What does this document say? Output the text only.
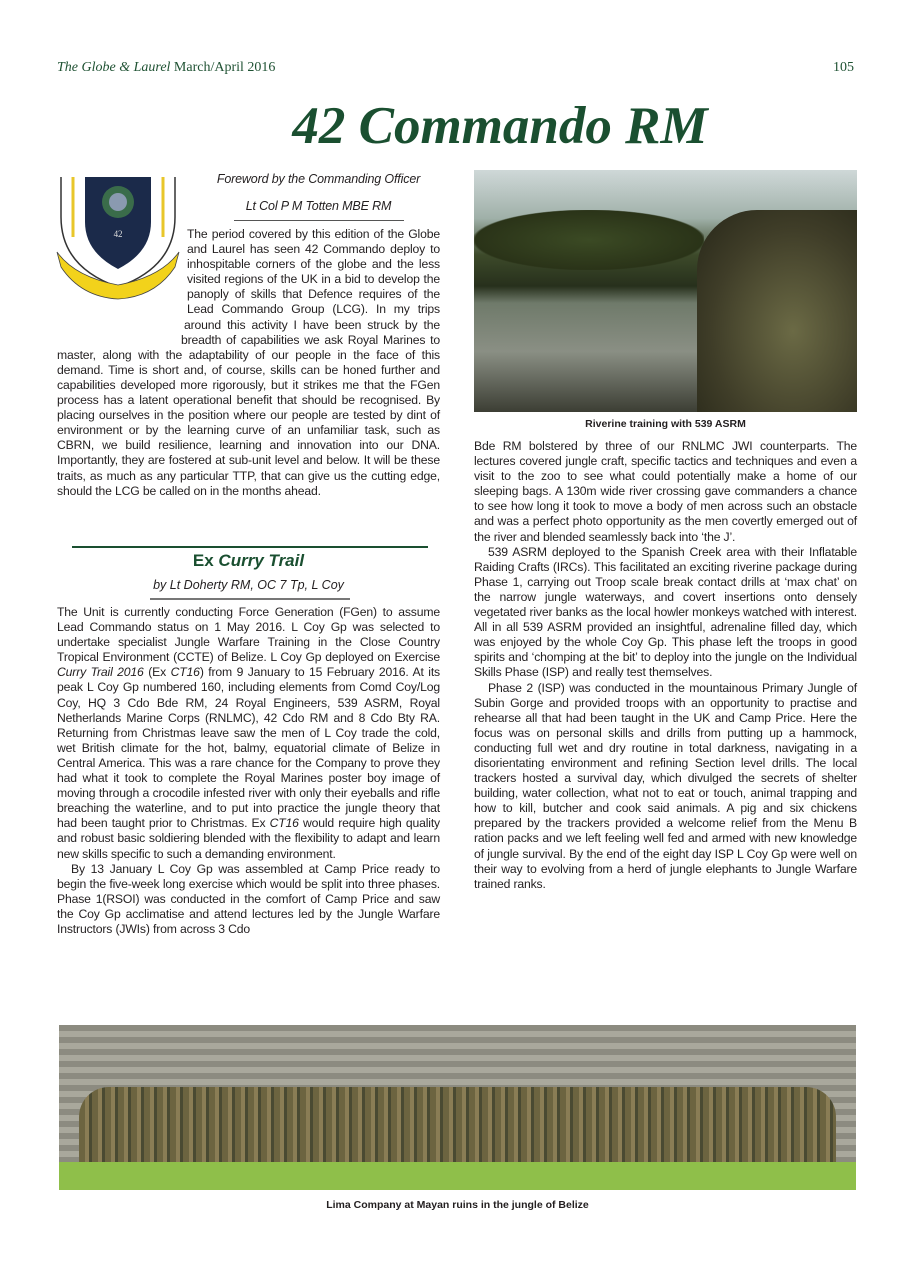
The Globe & Laurel March/April 2016	105
42 Commando RM
Foreword by the Commanding Officer
Lt Col P M Totten MBE RM

42	The period covered by this edition of the Globe and Laurel has seen 42 Commando deploy to inhospitable corners of the globe and the less visited regions of the UK in a bid to develop the panoply of skills that Defence requires of the Lead Commando Group (LCG). In my trips around this activity I have been struck by the breadth of capabilities we ask Royal Marines to master, along with the adaptability of our people in the face of this demand. Time is short and, of course, skills can be honed further and capabilities developed more rigorously, but it strikes me that the FGen process has a latent operational benefit that should be recognised. By placing ourselves in the position where our people are tested by dint of environment or by the learning curve of an unfamiliar task, such as CBRN, we build resilience, learning and innovation into our DNA. Importantly, they are fostered at sub-unit level and below. It will be these traits, as much as any particular TTP, that can give us the cutting edge, should the LCG be called on in the months ahead.

Ex Curry Trail
by Lt Doherty RM, OC 7 Tp, L Coy

The Unit is currently conducting Force Generation (FGen) to assume Lead Commando status on 1 May 2016. L Coy Gp was selected to undertake specialist Jungle Warfare Training in the Close Country Tropical Environment (CCTE) of Belize. L Coy Gp deployed on Exercise Curry Trail 2016 (Ex CT16) from 9 January to 15 February 2016. At its peak L Coy Gp numbered 160, including elements from Comd Coy/Log Coy, HQ 3 Cdo Bde RM, 24 Royal Engineers, 539 ASRM, Royal Netherlands Marine Corps (RNLMC), 42 Cdo RM and 8 Cdo Bty RA. Returning from Christmas leave saw the men of L Coy trade the cold, wet British climate for the hot, balmy, equatorial climate of Belize in Central America. This was a rare chance for the Company to prove they had what it took to complete the Royal Marines poster boy image of moving through a crocodile infested river with only their eyeballs and rifle breaching the waterline, and to put into practice the jungle theory that had been taught prior to Christmas. Ex CT16 would require high quality and robust basic soldiering blended with the flexibility to adapt and learn new skills specific to such a demanding environment.

By 13 January L Coy Gp was assembled at Camp Price ready to begin the five-week long exercise which would be split into three phases. Phase 1(RSOI) was conducted in the comfort of Camp Price and saw the Coy Gp acclimatise and attend lectures led by the Jungle Warfare Instructors (JWIs) from across 3 Cdo

Riverine training with 539 ASRM

Bde RM bolstered by three of our RNLMC JWI counterparts. The lectures covered jungle craft, specific tactics and techniques and even a visit to the zoo to see what could potentially make a home of our sleeping bags. A 130m wide river crossing gave commanders a chance to see how long it took to move a body of men across such an obstacle and was a perfect photo opportunity as the men covertly emerged out of the river and blended seamlessly back into ‘the J’.

539 ASRM deployed to the Spanish Creek area with their Inflatable Raiding Crafts (IRCs). This facilitated an exciting riverine package during Phase 1, carrying out Troop scale break contact drills at ‘max chat’ on the narrow jungle waterways, and covert insertions onto densely vegetated river banks as the local howler monkeys watched with interest. All in all 539 ASRM provided an insightful, adrenaline filled day, which was enjoyed by the whole Coy Gp. This phase left the troops in good spirits and ‘chomping at the bit’ to deploy into the jungle on the Individual Skills Phase (ISP) and really test themselves.

Phase 2 (ISP) was conducted in the mountainous Primary Jungle of Subin Gorge and provided troops with an opportunity to practise and rehearse all that had been taught in the UK and Camp Price. Here the focus was on personal skills and drills from putting up a hammock, conducting full wet and dry routine in total darkness, navigating in a disorientating environment and refining Section level drills. The local trackers hosted a survival day, which divulged the secrets of shelter building, water collection, what not to eat or touch, animal trapping and how to kill, butcher and cook said animals. A pig and six chickens prepared by the trackers provided a welcome relief from the Menu B ration packs and we left feeling well fed and armed with new knowledge of jungle survival. By the end of the eight day ISP L Coy Gp were well on their way to evolving from a herd of jungle elephants to Jungle Warfare trained ranks.

Lima Company at Mayan ruins in the jungle of Belize
